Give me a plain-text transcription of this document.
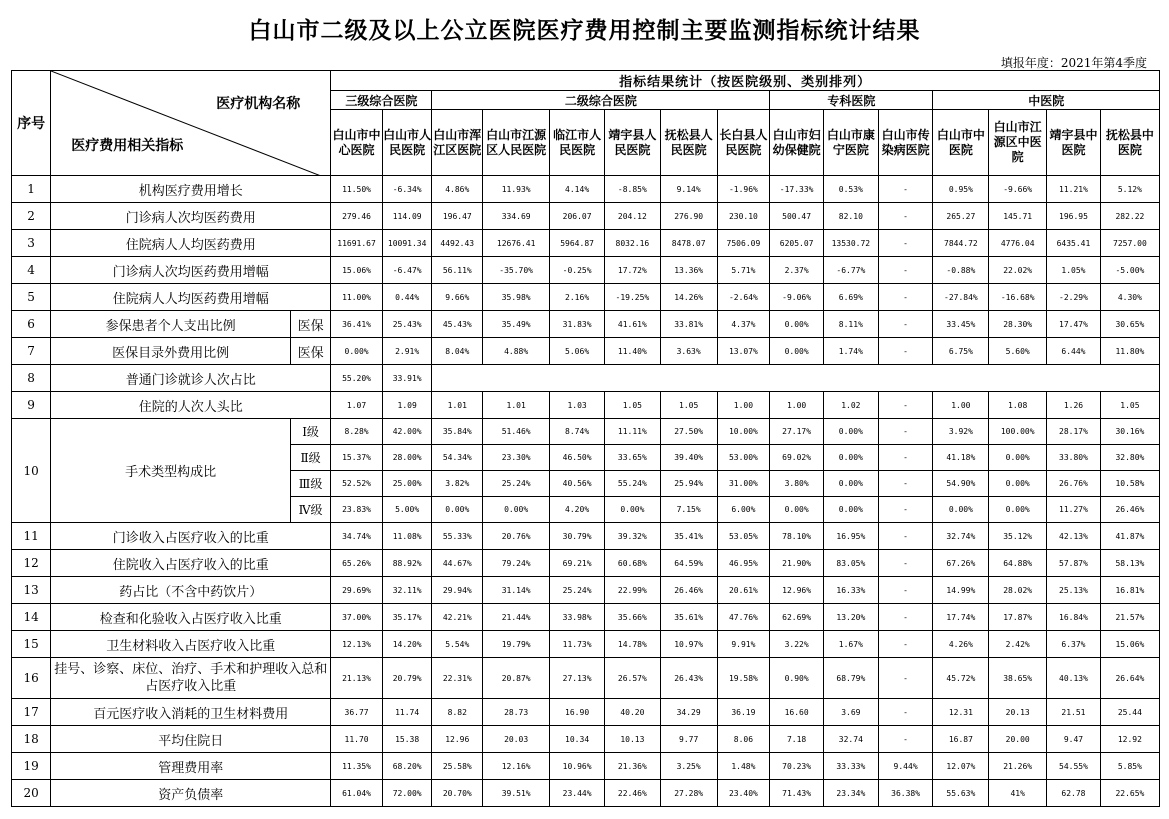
白山市二级及以上公立医院医疗费用控制主要监测指标统计结果
填报年度：2021年第4季度
序号	医疗机构名称
医疗费用相关指标		指标结果统计（按医院级别、类别排列）														
			三级综合医院		二级综合医院						专科医院			中医院			
			白山市中心医院	白山市人民医院	白山市浑江区医院	白山市江源区人民医院	临江市人民医院	靖宇县人民医院	抚松县人民医院	长白县人民医院	白山市妇幼保健院	白山市康宁医院	白山市传染病医院	白山市中医院	白山市江源区中医院	靖宇县中医院	抚松县中医院
1	机构医疗费用增长		11.50%	-6.34%	4.86%	11.93%	4.14%	-8.85%	9.14%	-1.96%	-17.33%	0.53%	-	0.95%	-9.66%	11.21%	5.12%
2	门诊病人次均医药费用		279.46	114.09	196.47	334.69	206.07	204.12	276.90	230.10	500.47	82.10	-	265.27	145.71	196.95	282.22
3	住院病人人均医药费用		11691.67	10091.34	4492.43	12676.41	5964.87	8032.16	8478.07	7506.09	6205.07	13530.72	-	7844.72	4776.04	6435.41	7257.00
4	门诊病人次均医药费用增幅		15.06%	-6.47%	56.11%	-35.70%	-0.25%	17.72%	13.36%	5.71%	2.37%	-6.77%	-	-0.88%	22.02%	1.05%	-5.00%
5	住院病人人均医药费用增幅		11.00%	0.44%	9.66%	35.98%	2.16%	-19.25%	14.26%	-2.64%	-9.06%	6.69%	-	-27.84%	-16.68%	-2.29%	4.30%
6	参保患者个人支出比例	医保	36.41%	25.43%	45.43%	35.49%	31.83%	41.61%	33.81%	4.37%	0.00%	8.11%	-	33.45%	28.30%	17.47%	30.65%
7	医保目录外费用比例	医保	0.00%	2.91%	8.04%	4.88%	5.06%	11.40%	3.63%	13.07%	0.00%	1.74%	-	6.75%	5.60%	6.44%	11.80%
8	普通门诊就诊人次占比		55.20%	33.91%													
9	住院的人次人头比		1.07	1.09	1.01	1.01	1.03	1.05	1.05	1.00	1.00	1.02	-	1.00	1.08	1.26	1.05
10	手术类型构成比	Ⅰ级	8.28%	42.00%	35.84%	51.46%	8.74%	11.11%	27.50%	10.00%	27.17%	0.00%	-	3.92%	100.00%	28.17%	30.16%
		Ⅱ级	15.37%	28.00%	54.34%	23.30%	46.50%	33.65%	39.40%	53.00%	69.02%	0.00%	-	41.18%	0.00%	33.80%	32.80%
		Ⅲ级	52.52%	25.00%	3.82%	25.24%	40.56%	55.24%	25.94%	31.00%	3.80%	0.00%	-	54.90%	0.00%	26.76%	10.58%
		Ⅳ级	23.83%	5.00%	0.00%	0.00%	4.20%	0.00%	7.15%	6.00%	0.00%	0.00%	-	0.00%	0.00%	11.27%	26.46%
11	门诊收入占医疗收入的比重		34.74%	11.08%	55.33%	20.76%	30.79%	39.32%	35.41%	53.05%	78.10%	16.95%	-	32.74%	35.12%	42.13%	41.87%
12	住院收入占医疗收入的比重		65.26%	88.92%	44.67%	79.24%	69.21%	60.68%	64.59%	46.95%	21.90%	83.05%	-	67.26%	64.88%	57.87%	58.13%
13	药占比（不含中药饮片）		29.69%	32.11%	29.94%	31.14%	25.24%	22.99%	26.46%	20.61%	12.96%	16.33%	-	14.99%	28.02%	25.13%	16.81%
14	检查和化验收入占医疗收入比重		37.00%	35.17%	42.21%	21.44%	33.98%	35.66%	35.61%	47.76%	62.69%	13.20%	-	17.74%	17.87%	16.84%	21.57%
15	卫生材料收入占医疗收入比重		12.13%	14.20%	5.54%	19.79%	11.73%	14.78%	10.97%	9.91%	3.22%	1.67%	-	4.26%	2.42%	6.37%	15.06%
16	挂号、诊察、床位、治疗、手术和护理收入总和占医疗收入比重		21.13%	20.79%	22.31%	20.87%	27.13%	26.57%	26.43%	19.58%	0.90%	68.79%	-	45.72%	38.65%	40.13%	26.64%
17	百元医疗收入消耗的卫生材料费用		36.77	11.74	8.82	28.73	16.90	40.20	34.29	36.19	16.60	3.69	-	12.31	20.13	21.51	25.44
18	平均住院日		11.70	15.38	12.96	20.03	10.34	10.13	9.77	8.06	7.18	32.74	-	16.87	20.00	9.47	12.92
19	管理费用率		11.35%	68.20%	25.58%	12.16%	10.96%	21.36%	3.25%	1.48%	70.23%	33.33%	9.44%	12.07%	21.26%	54.55%	5.85%
20	资产负债率		61.04%	72.00%	20.70%	39.51%	23.44%	22.46%	27.28%	23.40%	71.43%	23.34%	36.38%	55.63%	41%	62.78	22.65%
